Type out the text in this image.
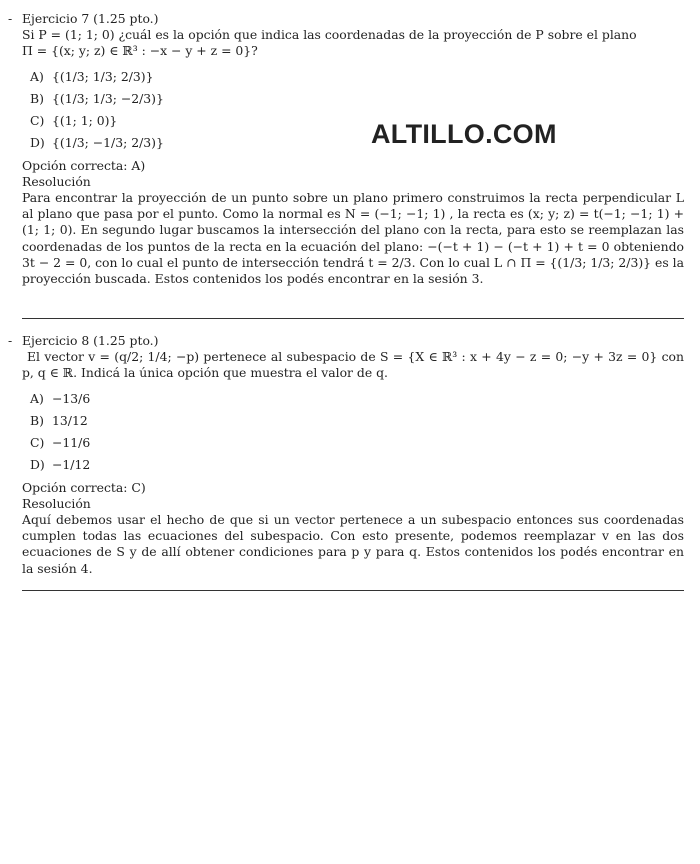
- Ejercicio 7 (1.25 pto.)
Si P = (1; 1; 0) ¿cuál es la opción que indica las coordenadas de la proyección de P sobre el plano
Π = {(x; y; z) ∈ ℝ³ : −x − y + z = 0}?
A) {(1/3; 1/3; 2/3)}
B) {(1/3; 1/3; −2/3)}
C) {(1; 1; 0)}
D) {(1/3; −1/3; 2/3)}
Opción correcta: A)
Resolución
Para encontrar la proyección de un punto sobre un plano primero construimos la recta perpendicular L al plano que pasa por el punto. Como la normal es N = (−1; −1; 1) , la recta es (x; y; z) = t(−1; −1; 1) + (1; 1; 0). En segundo lugar buscamos la intersección del plano con la recta, para esto se reemplazan las coordenadas de los puntos de la recta en la ecuación del plano: −(−t + 1) − (−t + 1) + t = 0 obteniendo 3t − 2 = 0, con lo cual el punto de intersección tendrá t = 2/3. Con lo cual L ∩ Π = {(1/3; 1/3; 2/3)} es la proyección buscada. Estos contenidos los podés encontrar en la sesión 3.
ALTILLO.COM
- Ejercicio 8 (1.25 pto.)
El vector v = (q/2; 1/4; −p) pertenece al subespacio de S = {X ∈ ℝ³ : x + 4y − z = 0; −y + 3z = 0} con p, q ∈ ℝ. Indicá la única opción que muestra el valor de q.
A) −13/6
B) 13/12
C) −11/6
D) −1/12
Opción correcta: C)
Resolución
Aquí debemos usar el hecho de que si un vector pertenece a un subespacio entonces sus coordenadas cumplen todas las ecuaciones del subespacio. Con esto presente, podemos reemplazar v en las dos ecuaciones de S y de allí obtener condiciones para p y para q. Estos contenidos los podés encontrar en la sesión 4.
